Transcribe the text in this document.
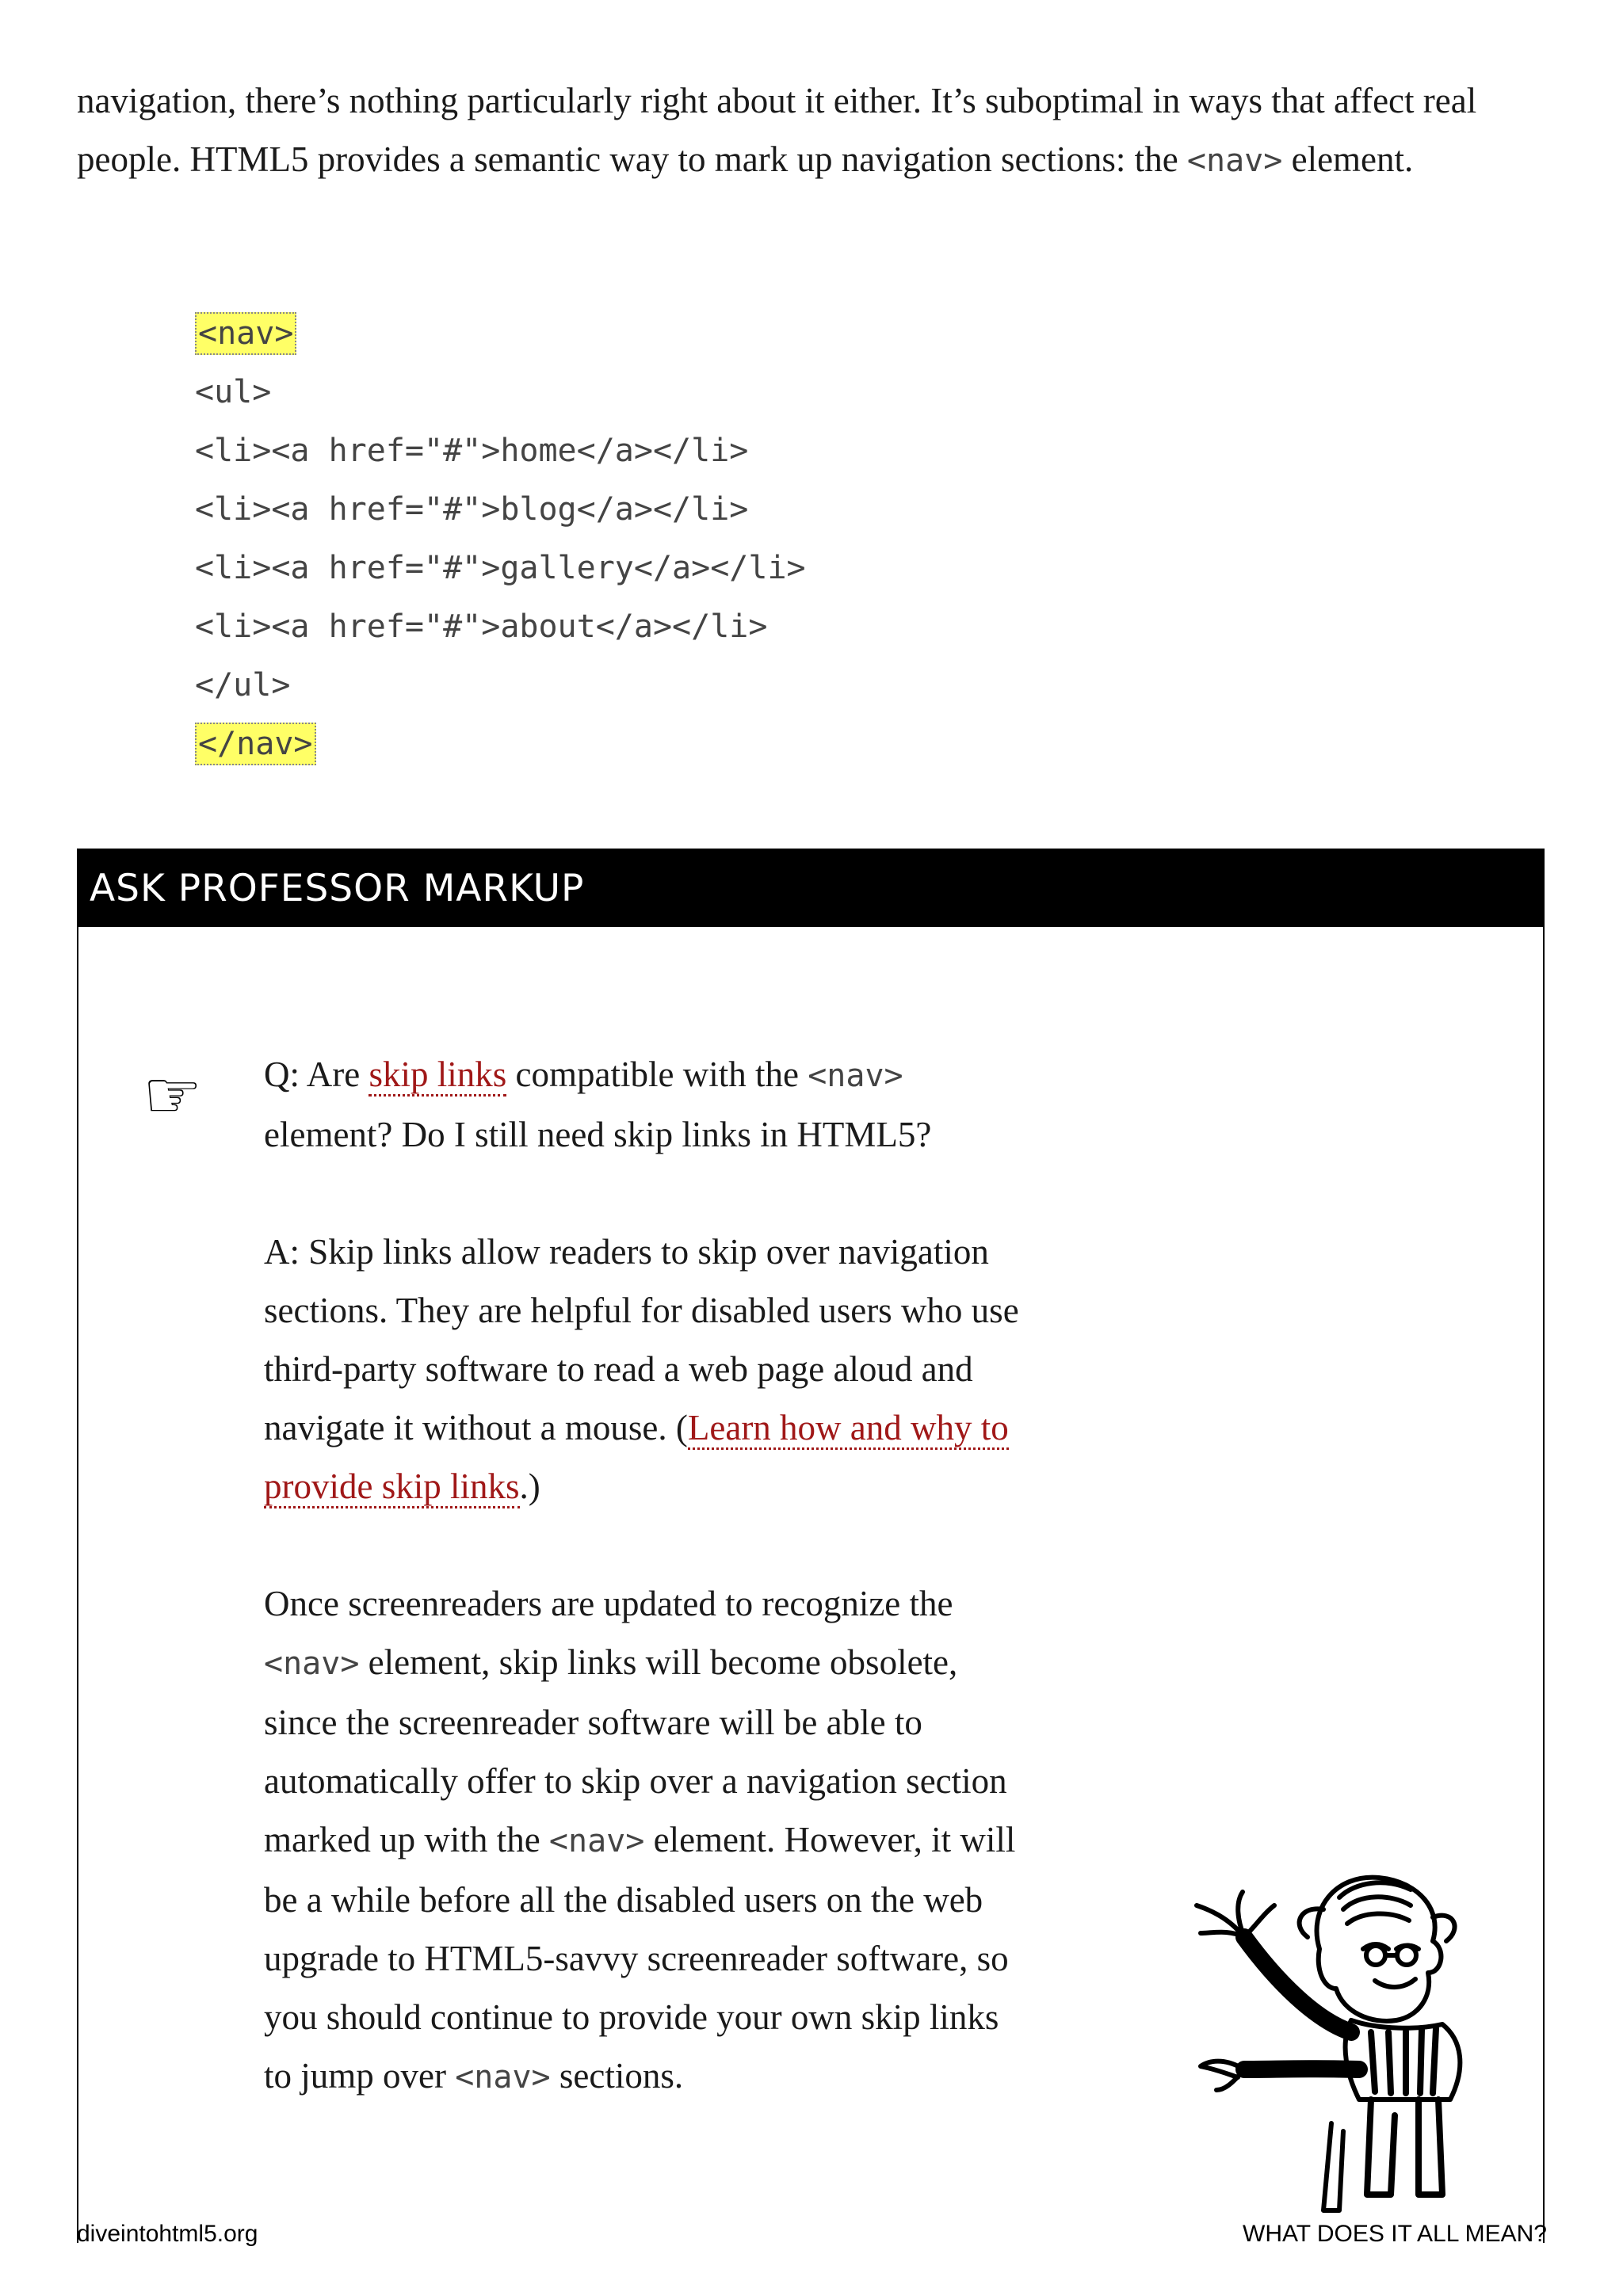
navigation, there’s nothing particularly right about it either. It’s suboptimal in ways that affect real people. HTML5 provides a semantic way to mark up navigation sections: the <nav> element.

<nav>
<ul>
<li><a href="#">home</a></li>
<li><a href="#">blog</a></li>
<li><a href="#">gallery</a></li>
<li><a href="#">about</a></li>
</ul>
</nav>
ASK PROFESSOR MARKUP
☞ Q: Are skip links compatible with the <nav> element? Do I still need skip links in HTML5?

A: Skip links allow readers to skip over navigation sections. They are helpful for disabled users who use third-party software to read a web page aloud and navigate it without a mouse. (Learn how and why to provide skip links.)

Once screenreaders are updated to recognize the <nav> element, skip links will become obsolete, since the screenreader software will be able to automatically offer to skip over a navigation section marked up with the <nav> element. However, it will be a while before all the disabled users on the web upgrade to HTML5-savvy screenreader software, so you should continue to provide your own skip links to jump over <nav> sections.

diveintohtml5.org	WHAT DOES IT ALL MEAN?
